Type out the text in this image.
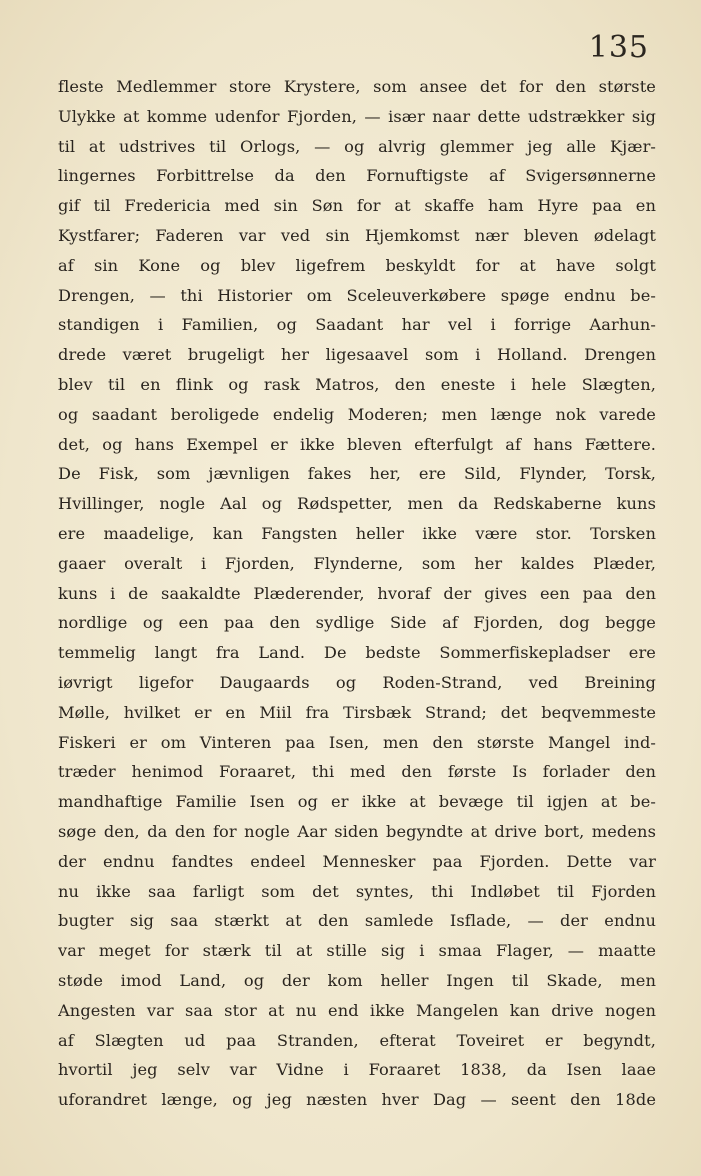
135
fleste Medlemmer store Krystere, som ansee det for den største
Ulykke at komme udenfor Fjorden, — især naar dette udstrækker sig
til at udstrives til Orlogs, — og alvrig glemmer jeg alle Kjær-
lingernes Forbittrelse da den Fornuftigste af Svigersønnerne
gif til Fredericia med sin Søn for at skaffe ham Hyre paa en
Kystfarer; Faderen var ved sin Hjemkomst nær bleven ødelagt
af sin Kone og blev ligefrem beskyldt for at have solgt
Drengen, — thi Historier om Sceleuverkøbere spøge endnu be-
standigen i Familien, og Saadant har vel i forrige Aarhun-
drede været brugeligt her ligesaavel som i Holland. Drengen
blev til en flink og rask Matros, den eneste i hele Slægten,
og saadant beroligede endelig Moderen; men længe nok varede
det, og hans Exempel er ikke bleven efterfulgt af hans Fættere.
De Fisk, som jævnligen fakes her, ere Sild, Flynder, Torsk,
Hvillinger, nogle Aal og Rødspetter, men da Redskaberne kuns
ere maadelige, kan Fangsten heller ikke være stor. Torsken
gaaer overalt i Fjorden, Flynderne, som her kaldes Plæder,
kuns i de saakaldte Plæderender, hvoraf der gives een paa den
nordlige og een paa den sydlige Side af Fjorden, dog begge
temmelig langt fra Land. De bedste Sommerfiskepladser ere
iøvrigt ligefor Daugaards og Roden-Strand, ved Breining
Mølle, hvilket er en Miil fra Tirsbæk Strand; det beqvemmeste
Fiskeri er om Vinteren paa Isen, men den største Mangel ind-
træder henimod Foraaret, thi med den første Is forlader den
mandhaftige Familie Isen og er ikke at bevæge til igjen at be-
søge den, da den for nogle Aar siden begyndte at drive bort, medens
der endnu fandtes endeel Mennesker paa Fjorden. Dette var
nu ikke saa farligt som det syntes, thi Indløbet til Fjorden
bugter sig saa stærkt at den samlede Isflade, — der endnu
var meget for stærk til at stille sig i smaa Flager, — maatte
støde imod Land, og der kom heller Ingen til Skade, men
Angesten var saa stor at nu end ikke Mangelen kan drive nogen
af Slægten ud paa Stranden, efterat Toveiret er begyndt,
hvortil jeg selv var Vidne i Foraaret 1838, da Isen laae
uforandret længe, og jeg næsten hver Dag — seent den 18de
